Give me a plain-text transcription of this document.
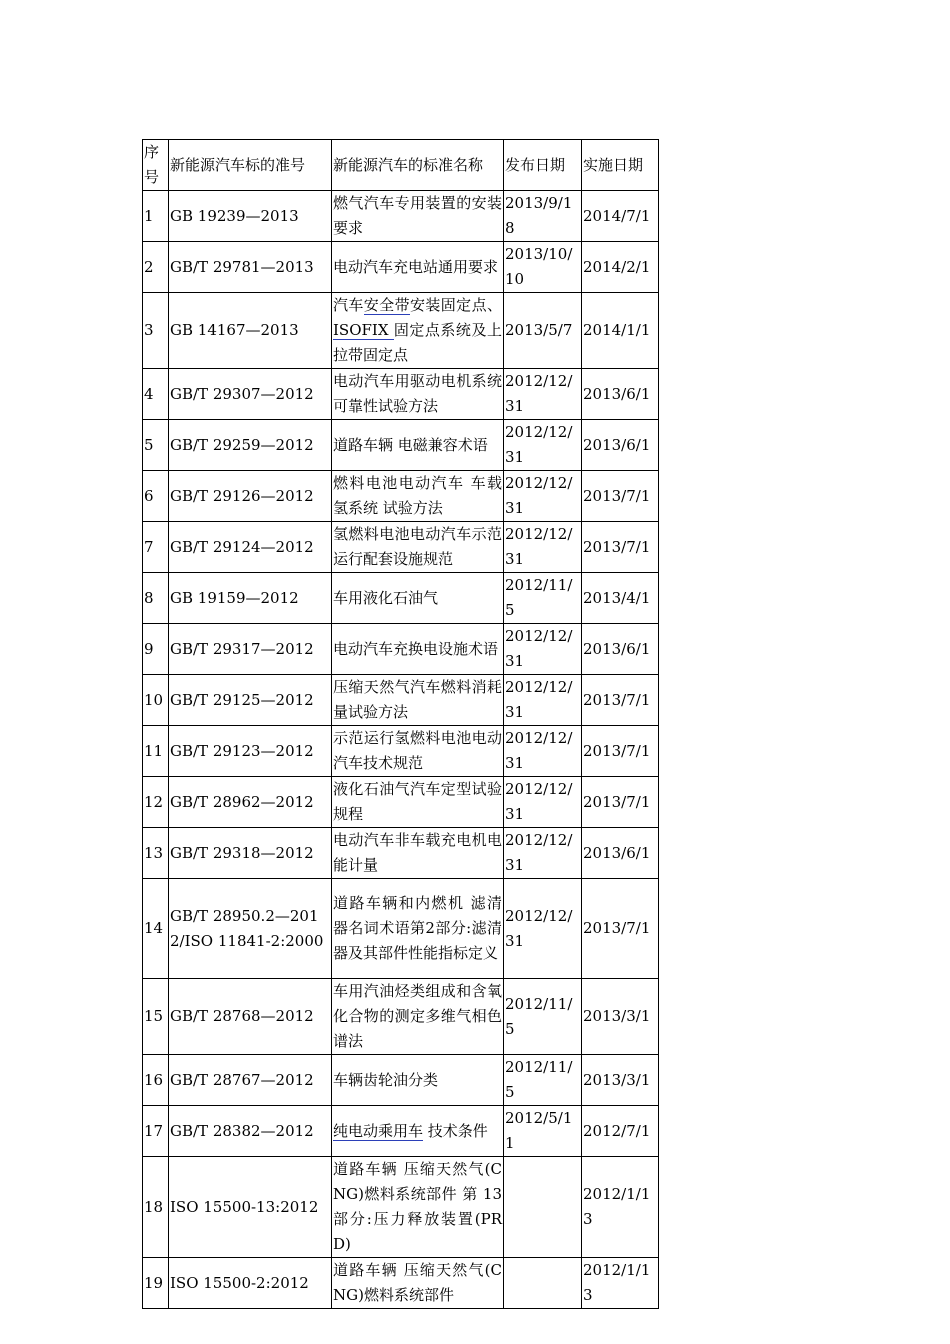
序号	新能源汽车标的准号	新能源汽车的标准名称	发布日期	实施日期
1	GB 19239—2013	燃气汽车专用装置的安装要求	2013/9/18	2014/7/1
2	GB/T 29781—2013	电动汽车充电站通用要求	2013/10/10	2014/2/1
3	GB 14167—2013	汽车安全带安装固定点、ISOFIX 固定点系统及上拉带固定点	2013/5/7	2014/1/1
4	GB/T 29307—2012	电动汽车用驱动电机系统可靠性试验方法	2012/12/31	2013/6/1
5	GB/T 29259—2012	道路车辆 电磁兼容术语	2012/12/31	2013/6/1
6	GB/T 29126—2012	燃料电池电动汽车 车载氢系统 试验方法	2012/12/31	2013/7/1
7	GB/T 29124—2012	氢燃料电池电动汽车示范运行配套设施规范	2012/12/31	2013/7/1
8	GB 19159—2012	车用液化石油气	2012/11/5	2013/4/1
9	GB/T 29317—2012	电动汽车充换电设施术语	2012/12/31	2013/6/1
10	GB/T 29125—2012	压缩天然气汽车燃料消耗量试验方法	2012/12/31	2013/7/1
11	GB/T 29123—2012	示范运行氢燃料电池电动汽车技术规范	2012/12/31	2013/7/1
12	GB/T 28962—2012	液化石油气汽车定型试验规程	2012/12/31	2013/7/1
13	GB/T 29318—2012	电动汽车非车载充电机电能计量	2012/12/31	2013/6/1
14	GB/T 28950.2—2012/ISO 11841-2:2000	道路车辆和内燃机 滤清器名词术语第2部分:滤清器及其部件性能指标定义	2012/12/31	2013/7/1
15	GB/T 28768—2012	车用汽油烃类组成和含氧化合物的测定多维气相色谱法	2012/11/5	2013/3/1
16	GB/T 28767—2012	车辆齿轮油分类	2012/11/5	2013/3/1
17	GB/T 28382—2012	纯电动乘用车 技术条件	2012/5/11	2012/7/1
18	ISO 15500-13:2012	道路车辆 压缩天然气(CNG)燃料系统部件 第 13 部分:压力释放装置(PRD)		2012/1/13
19	ISO 15500-2:2012	道路车辆 压缩天然气(CNG)燃料系统部件		2012/1/13
